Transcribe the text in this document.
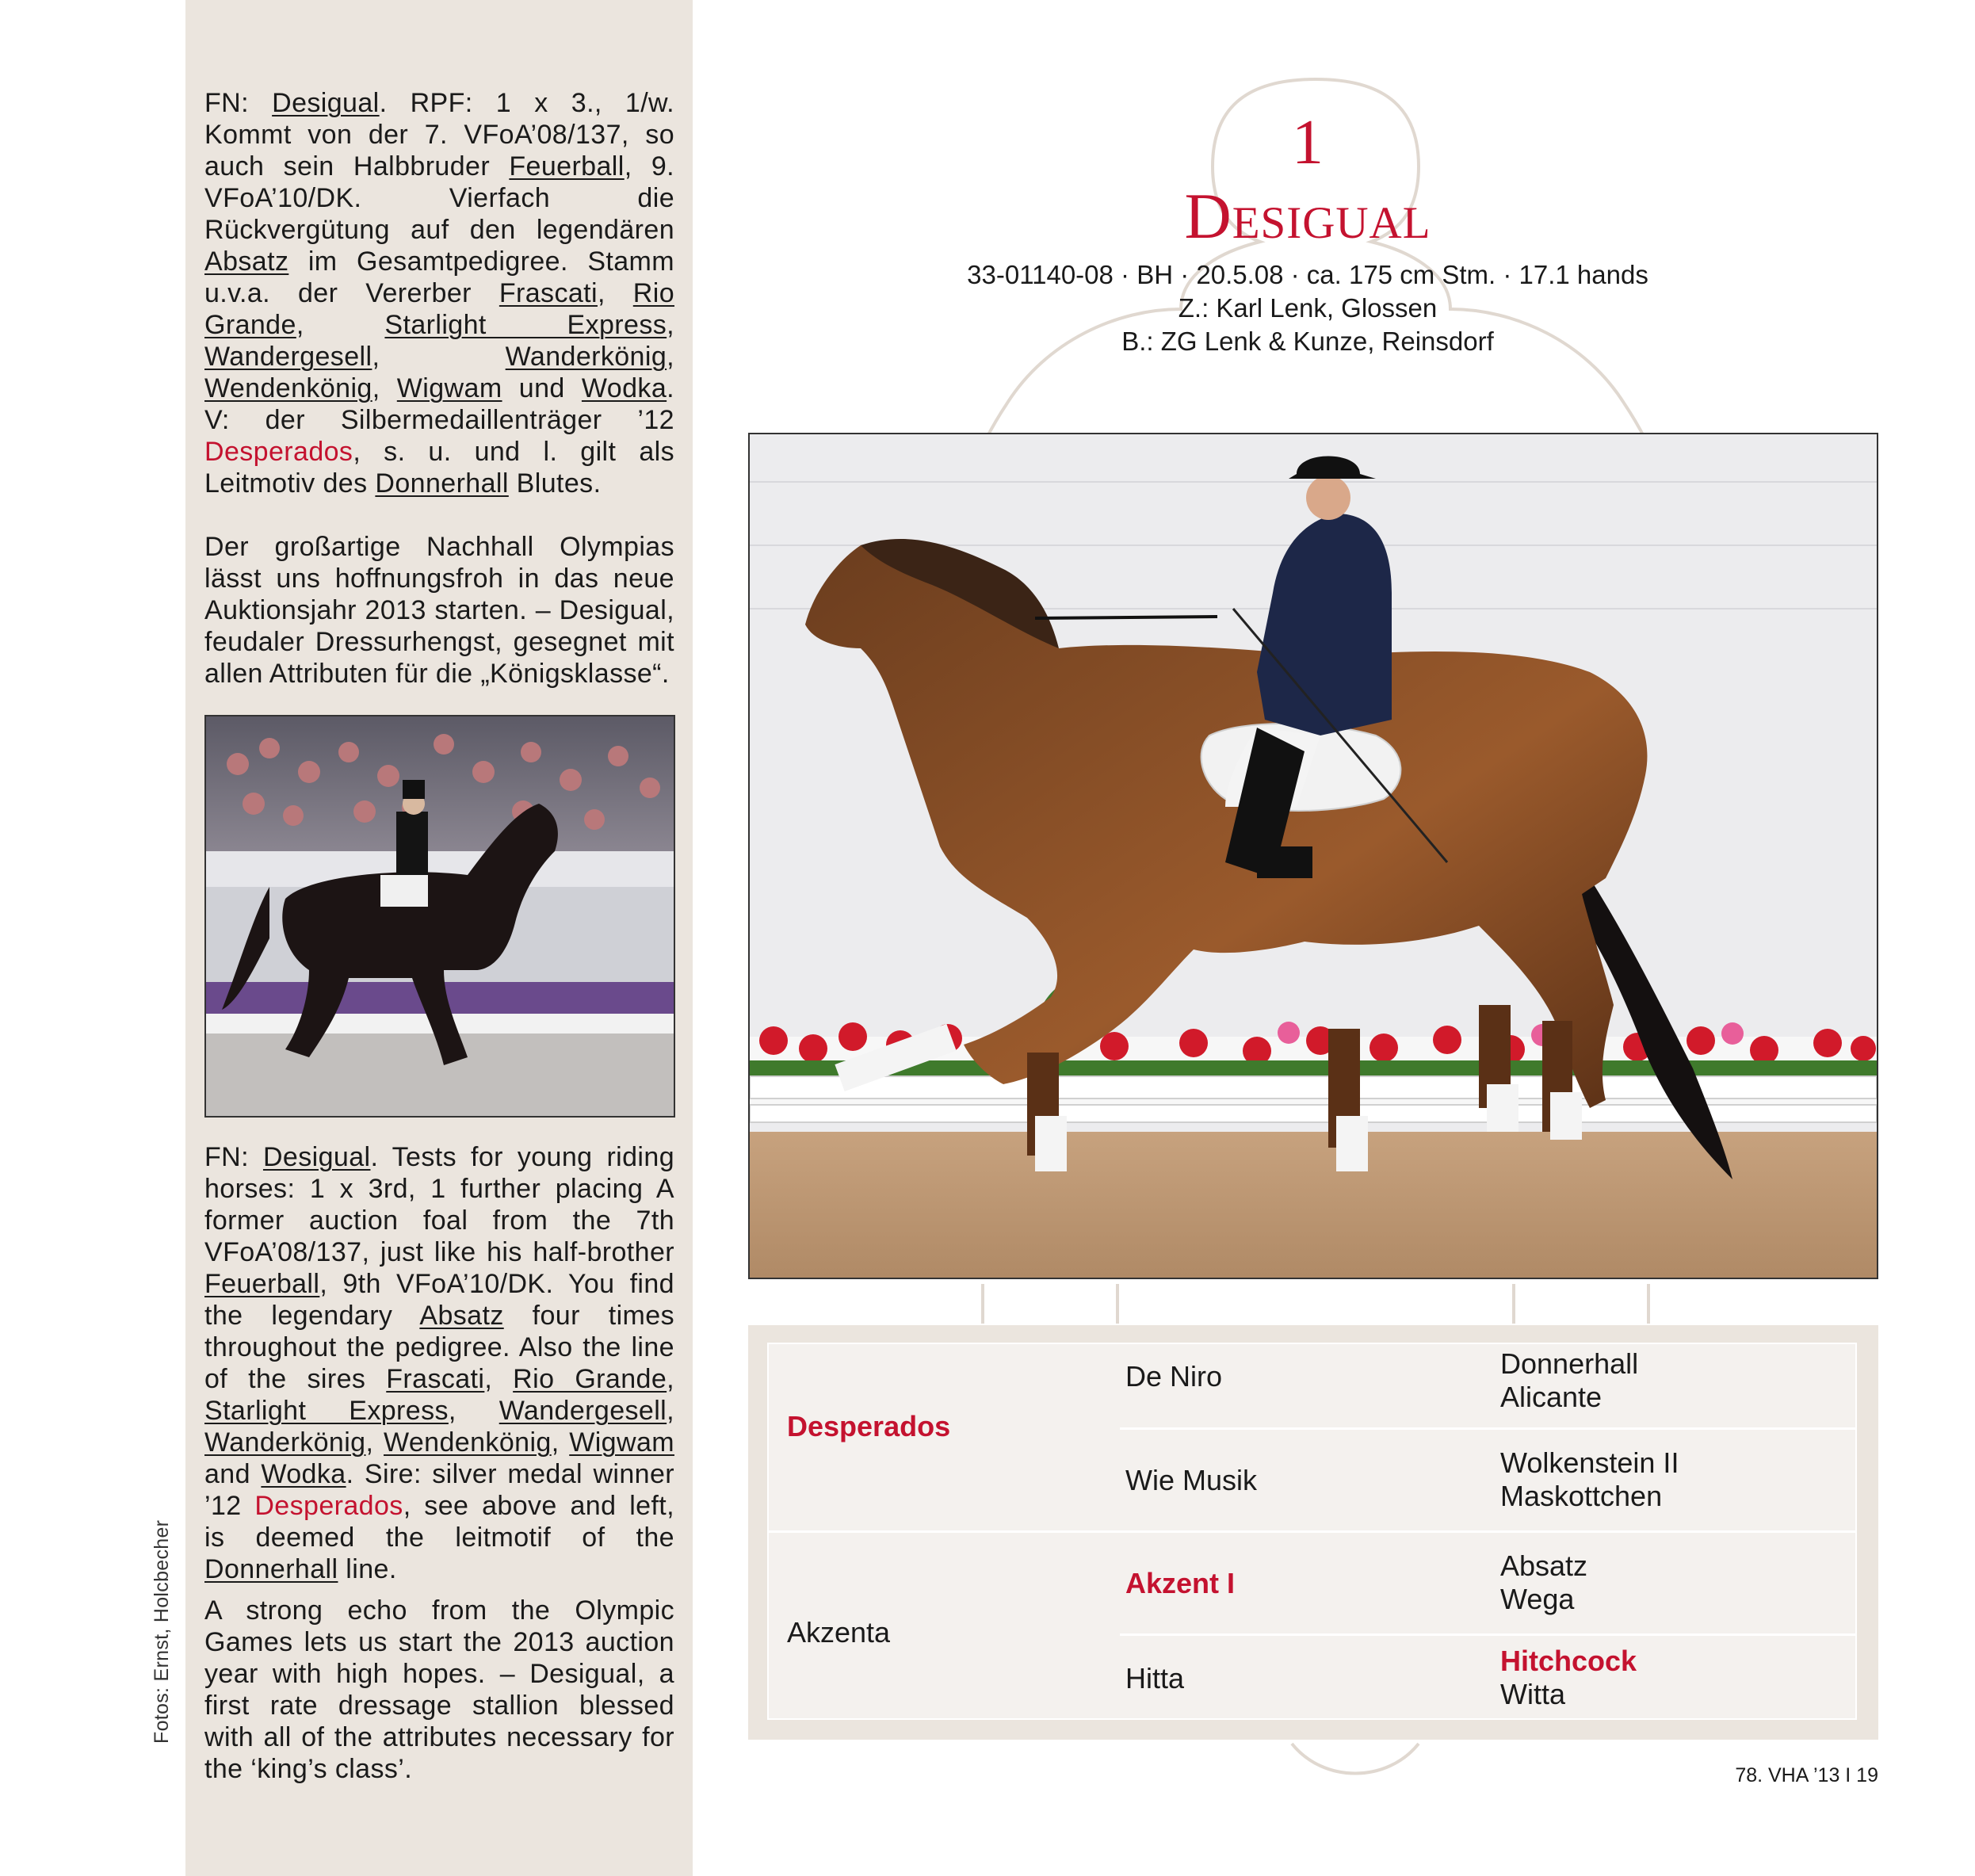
Fotos: Ernst, Holcbecher

FN: Desigual. RPF: 1 x 3., 1/w. Kommt von der 7. VFoA’08/137, so auch sein Halbbruder Feuerball, 9. VFoA’10/DK. Vierfach die Rückvergütung auf den legendären Absatz im Gesamtpedigree. Stamm u.v.a. der Vererber Frascati, Rio Grande, Starlight Express, Wandergesell, Wanderkönig, Wendenkönig, Wigwam und Wodka. V: der Silbermedaillenträger ’12 Desperados, s. u. und l. gilt als Leitmotiv des Donnerhall Blutes.

Der großartige Nachhall Olympias lässt uns hoffnungsfroh in das neue Auktionsjahr 2013 starten. – Desigual, feudaler Dressurhengst, gesegnet mit allen Attributen für die „Königsklasse“.

FN: Desigual. Tests for young riding horses: 1 x 3rd, 1 further placing A former auction foal from the 7th VFoA’08/137, just like his half-brother Feuerball, 9th VFoA’10/DK. You find the legendary Absatz four times throughout the pedigree. Also the line of the sires Frascati, Rio Grande, Starlight Express, Wandergesell, Wanderkönig, Wendenkönig, Wigwam and Wodka. Sire: silver medal winner ’12 Desperados, see above and left, is deemed the leitmotif of the Donnerhall line.

A strong echo from the Olympic Games lets us start the 2013 auction year with high hopes. – Desigual, a first rate dressage stallion blessed with all of the attributes necessary for the ‘king’s class’.

1
Desigual
33-01140-08 · BH · 20.5.08 · ca. 175 cm Stm. · 17.1 hands
Z.: Karl Lenk, Glossen
B.: ZG Lenk & Kunze, Reinsdorf
Desperados
Akzenta
De Niro
Wie Musik
Akzent I
Hitta
Donnerhall
Alicante
Wolkenstein II
Maskottchen
Absatz
Wega
Hitchcock
Witta
78. VHA ’13 I 19
